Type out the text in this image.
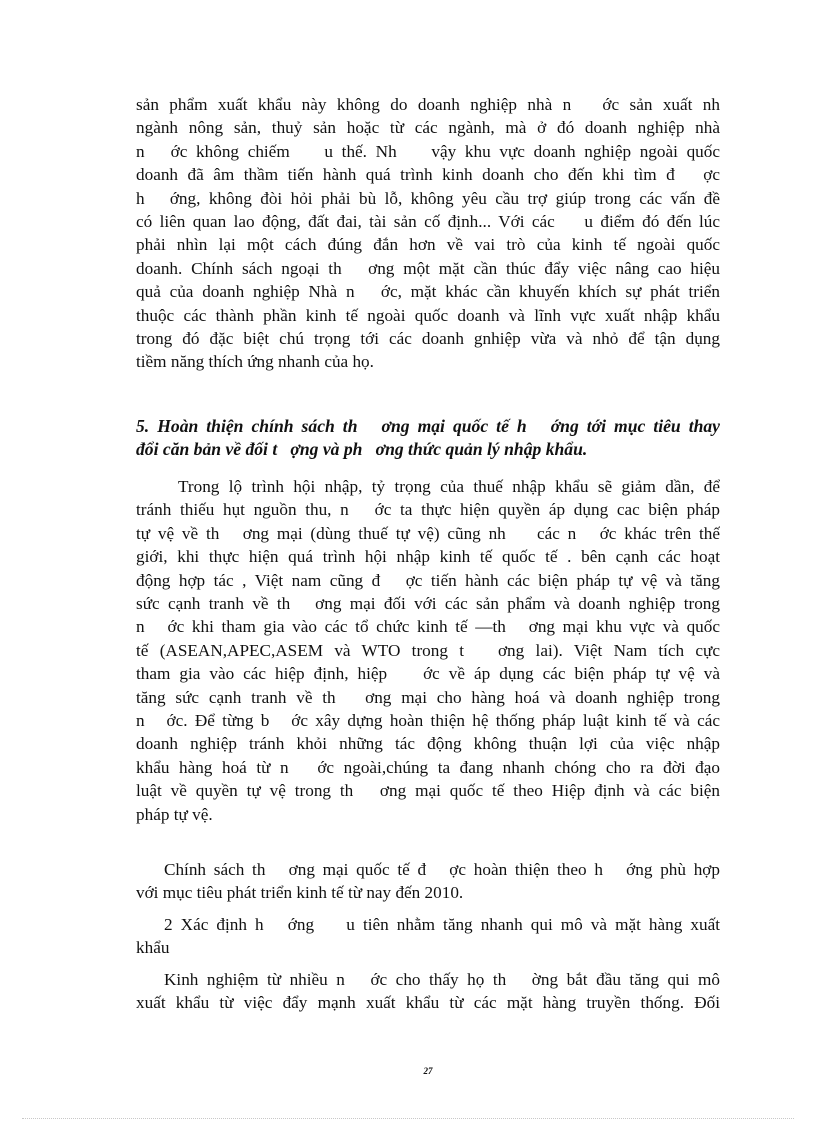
sản phẩm xuất khẩu này không do doanh nghiệp nhà n   ớc sản xuất nh
ngành nông sản, thuỷ sản hoặc từ các ngành, mà ở đó doanh nghiệp nhà
n   ớc không chiếm    u thế. Nh    vậy khu vực doanh nghiệp ngoài quốc
doanh đã âm thầm tiến hành quá trình kinh doanh cho đến khi tìm đ   ợc
h   ớng, không đòi hỏi phải bù lỗ, không yêu cầu trợ giúp trong các vấn đề
có liên quan lao động, đất đai, tài sản cố định... Với các    u điểm đó đến lúc
phải nhìn lại một cách đúng đắn hơn về vai trò của kinh tế ngoài quốc
doanh. Chính sách ngoại th   ơng một mặt cần thúc đẩy việc nâng cao hiệu
quả của doanh nghiệp Nhà n   ớc, mặt khác cần khuyến khích sự phát triển
thuộc các thành phần kinh tế ngoài quốc doanh và lĩnh vực xuất nhập khẩu
trong đó đặc biệt chú trọng tới các doanh gnhiệp vừa và nhỏ để tận dụng
tiềm năng thích ứng nhanh của họ.
5. Hoàn thiện chính sách th   ơng mại quốc tế h   ớng tới mục tiêu thay
đổi căn bản về đối t   ợng và ph   ơng thức quản lý nhập khẩu.
Trong lộ trình hội nhập, tỷ trọng của thuế nhập khẩu sẽ giảm dần, để
tránh thiếu hụt nguồn thu, n   ớc ta thực hiện quyền áp dụng cac biện pháp
tự vệ về th   ơng mại (dùng thuế tự vệ) cũng nh    các n   ớc khác trên thế
giới, khi thực hiện quá trình hội nhập kinh tế quốc tế . bên cạnh các hoạt
động hợp tác , Việt nam cũng đ   ợc tiến hành các biện pháp tự vệ và tăng
sức cạnh tranh về th   ơng mại đối với các sản phẩm và doanh nghiệp trong
n   ớc khi tham gia vào các tổ chức kinh tế —th   ơng mại khu vực và quốc
tế (ASEAN,APEC,ASEM và WTO trong t   ơng lai). Việt Nam tích cực
tham gia vào các hiệp định, hiệp    ớc về áp dụng các biện pháp tự vệ và
tăng sức cạnh tranh về th   ơng mại cho hàng hoá và doanh nghiệp trong
n   ớc. Để từng b   ớc xây dựng hoàn thiện hệ thống pháp luật kinh tế và các
doanh nghiệp tránh khỏi những tác động không thuận lợi của việc nhập
khẩu hàng hoá từ n   ớc ngoài,chúng ta đang nhanh chóng cho ra đời đạo
luật về quyền tự vệ trong th   ơng mại quốc tế theo Hiệp định và các biện
pháp tự vệ.
Chính sách th   ơng mại quốc tế đ   ợc hoàn thiện theo h   ớng phù hợp
với mục tiêu phát triển kinh tế từ nay đến 2010.
2 Xác định h   ớng    u tiên nhằm tăng nhanh qui mô và mặt hàng xuất
khẩu
Kinh nghiệm từ nhiều n   ớc cho thấy họ th   ờng bắt đầu tăng qui mô
xuất khẩu từ việc đẩy mạnh xuất khẩu từ các mặt hàng truyền thống. Đối
27
